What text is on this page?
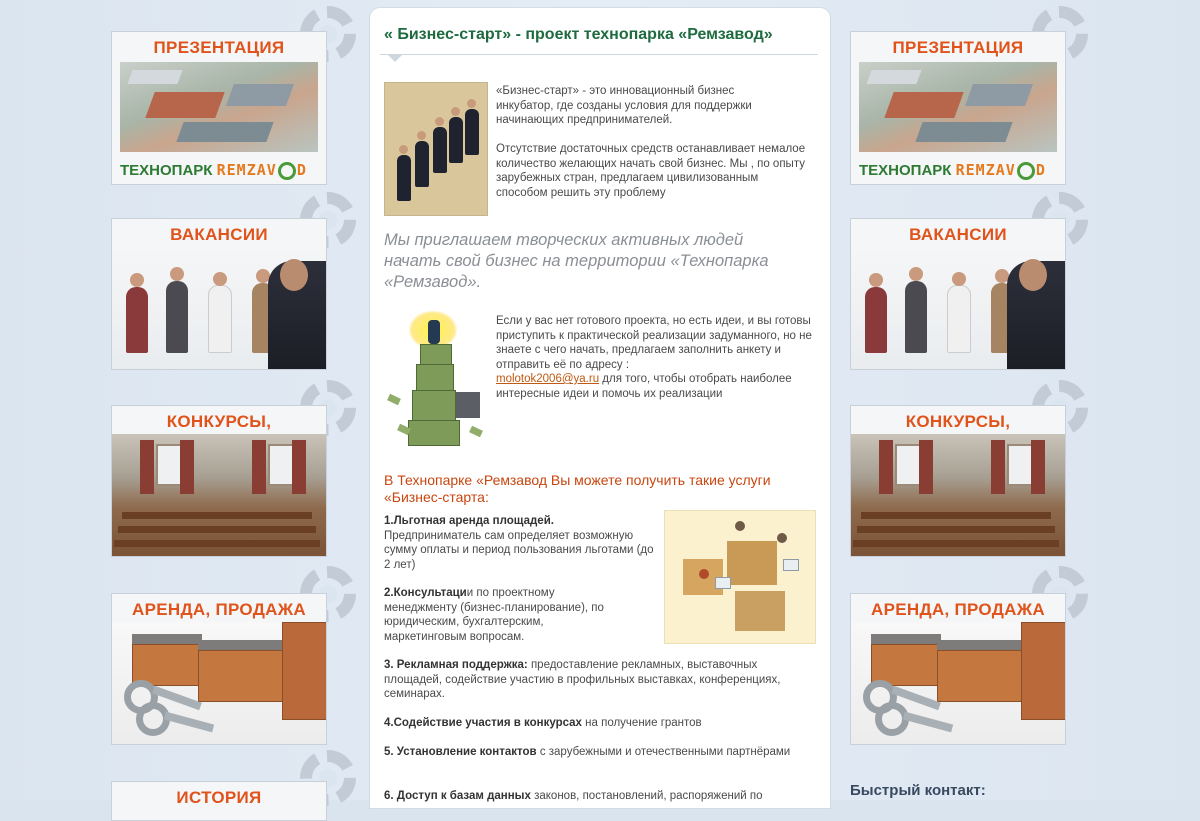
ПРЕЗЕНТАЦИЯ
ТЕХНОПАРК REMZAV D
ВАКАНСИИ
КОНКУРСЫ,
АРЕНДА, ПРОДАЖА
ИСТОРИЯ
ПРЕЗЕНТАЦИЯ
ТЕХНОПАРК REMZAV D
ВАКАНСИИ
КОНКУРСЫ,
АРЕНДА, ПРОДАЖА
Быстрый контакт:
« Бизнес-старт» - проект технопарка «Ремзавод»
«Бизнес-старт» - это инновационный бизнес инкубатор, где созданы условия для поддержки начинающих предпринимателей.
Отсутствие достаточных средств останавливает немалое количество желающих начать свой бизнес. Мы , по опыту зарубежных стран, предлагаем цивилизованным способом решить эту проблему
Мы приглашаем творческих активных людей начать свой бизнес на территории «Технопарка «Ремзавод».
Если у вас нет готового проекта, но есть идеи, и вы готовы приступить к практической реализации задуманного, но не знаете с чего начать, предлагаем заполнить анкету и отправить её по адресу :
molotok2006@ya.ru для того, чтобы отобрать наиболее интересные идеи и помочь их реализации
В Технопарке «Ремзавод Вы можете получить такие услуги «Бизнес-старта:
1.Льготная аренда площадей.
Предприниматель сам определяет возможную сумму оплаты и период пользования льготами (до 2 лет)
2.Консультации по проектному менеджменту (бизнес-планирование), по юридическим, бухгалтерским, маркетинговым вопросам.
3. Рекламная поддержка: предоставление рекламных, выставочных площадей, содействие участию в профильных выставках, конференциях, семинарах.
4.Содействие участия в конкурсах на получение грантов
5. Установление контактов с зарубежными и отечественными партнёрами
6. Доступ к базам данных законов, постановлений, распоряжений по
